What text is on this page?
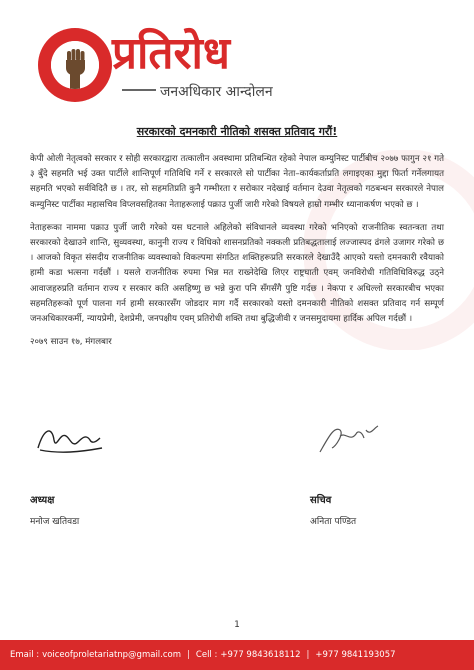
प्रतिरोध
जनअधिकार आन्दोलन
सरकारको दमनकारी नीतिको शसक्त प्रतिवाद गरौं!

केपी ओली नेतृत्वको सरकार र सोही सरकारद्वारा तत्कालीन अवस्थामा प्रतिबन्धित रहेको नेपाल कम्युनिस्ट पार्टीबीच २०७७ फागुन २१ गते ३ बुँदे सहमति भई उक्त पार्टीले शान्तिपूर्ण गतिविधि गर्ने र सरकारले सो पार्टीका नेता–कार्यकर्ताप्रति लगाइएका मुद्दा फिर्ता गर्नेलगायत सहमति भएको सर्वविदितै छ । तर, सो सहमतिप्रति कुनै गम्भीरता र सरोकार नदेखाई वर्तमान देउवा नेतृत्वको गठबन्धन सरकारले नेपाल कम्युनिस्ट पार्टीका महासचिव विप्लवसहितका नेताहरूलाई पक्राउ पुर्जी जारी गरेको विषयले हाम्रो गम्भीर ध्यानाकर्षण भएको छ ।

नेताहरूका नाममा पक्राउ पुर्जी जारी गरेको यस घटनाले अहिलेको संविधानले व्यवस्था गरेको भनिएको राजनीतिक स्वतन्त्रता तथा सरकारको देखाउने शान्ति, सुव्यवस्था, कानुनी राज्य र विधिको शासनप्रतिको नक्कली प्रतिबद्धतालाई लज्जास्पद ढंगले उजागर गरेको छ । आजको विकृत संसदीय राजनीतिक व्यवस्थाको विकल्पमा संगठित शक्तिहरूप्रति सरकारले देखाउँदै आएको यस्तो दमनकारी रवैयाको हामी कडा भत्सना गर्दछौं । यसले राजनीतिक रुपमा भिन्न मत राख्नेदेखि लिएर राष्ट्रघाती एवम् जनविरोधी गतिविधिविरुद्ध उठ्ने आवाजहरुप्रति वर्तमान राज्य र सरकार कति असहिष्णु छ भन्ने कुरा पनि सँगसँगै पुष्टि गर्दछ । नेकपा र अधिल्लो सरकारबीच भएका सहमतिहरूको पूर्ण पालना गर्न हामी सरकारसँग जोडदार माग गर्दै सरकारको यस्तो दमनकारी नीतिको शसक्त प्रतिवाद गर्न सम्पूर्ण जनअधिकारकर्मी, न्यायप्रेमी, देशप्रेमी, जनपक्षीय एवम् प्रतिरोधी शक्ति तथा बुद्धिजीवी र जनसमुदायमा हार्दिक अपिल गर्दछौं ।

२०७९ साउन १७, मंगलबार

अध्यक्ष
मनोज खतिवडा
सचिव
अनिता पण्डित
1
Email : voiceofproletariatnp@gmail.com | Cell : +977 9843618112 | +977 9841193057
